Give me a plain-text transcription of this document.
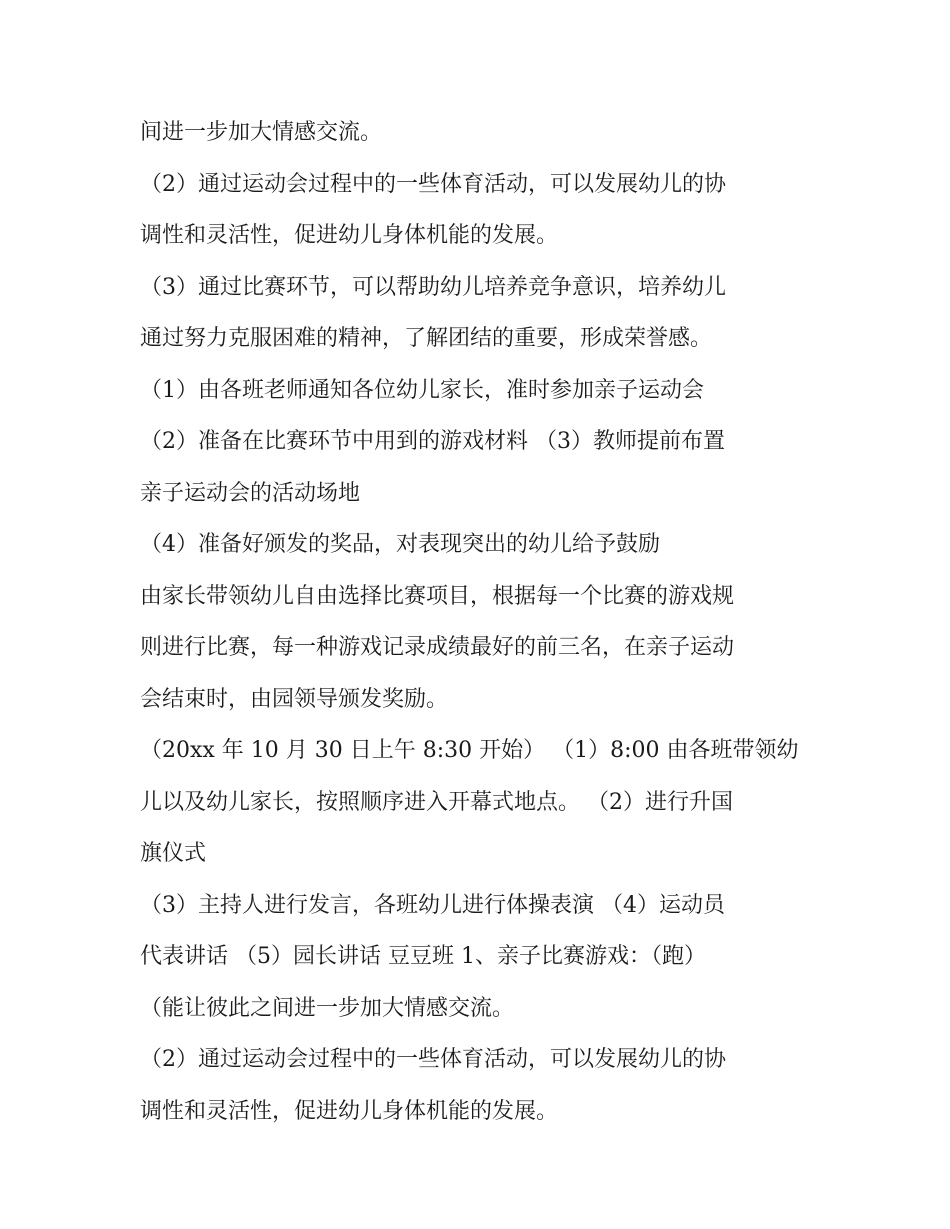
间进一步加大情感交流。
（2）通过运动会过程中的一些体育活动，可以发展幼儿的协
调性和灵活性，促进幼儿身体机能的发展。
（3）通过比赛环节，可以帮助幼儿培养竞争意识，培养幼儿
通过努力克服困难的精神，了解团结的重要，形成荣誉感。
（1）由各班老师通知各位幼儿家长，准时参加亲子运动会
（2）准备在比赛环节中用到的游戏材料 （3）教师提前布置
亲子运动会的活动场地
（4）准备好颁发的奖品，对表现突出的幼儿给予鼓励
由家长带领幼儿自由选择比赛项目，根据每一个比赛的游戏规
则进行比赛，每一种游戏记录成绩最好的前三名，在亲子运动
会结束时，由园领导颁发奖励。
（20xx 年 10 月 30 日上午 8:30 开始） （1）8:00 由各班带领幼
儿以及幼儿家长，按照顺序进入开幕式地点。 （2）进行升国
旗仪式
（3）主持人进行发言，各班幼儿进行体操表演 （4）运动员
代表讲话 （5）园长讲话 豆豆班 1、亲子比赛游戏：（跑）
（能让彼此之间进一步加大情感交流。
（2）通过运动会过程中的一些体育活动，可以发展幼儿的协
调性和灵活性，促进幼儿身体机能的发展。
